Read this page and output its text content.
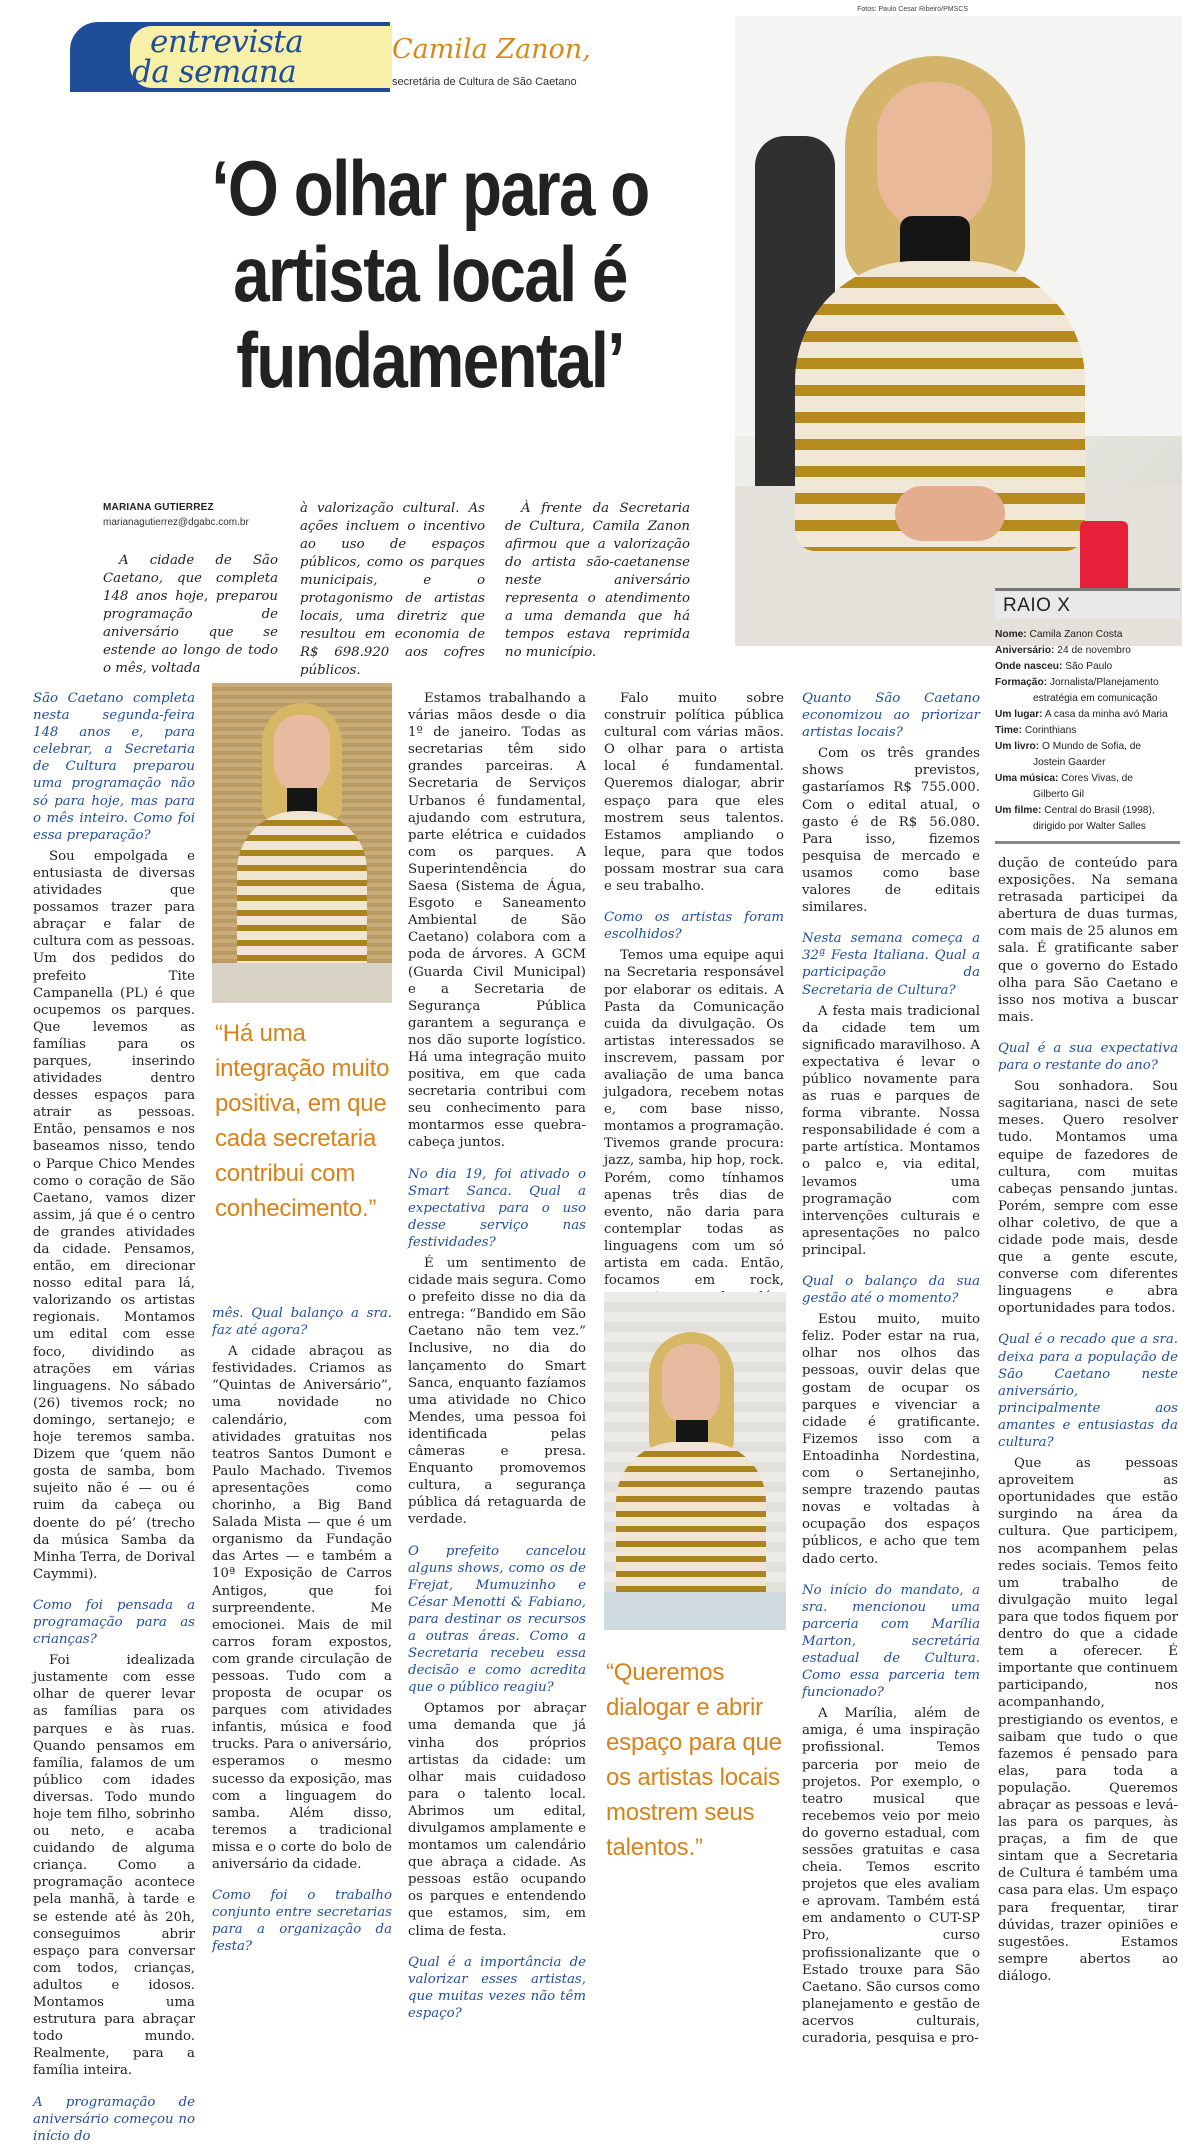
Fotos: Paulo Cesar Ribeiro/PMSCS
entrevista
da semana
Camila Zanon,
secretária de Cultura de São Caetano
‘O olhar para o artista local é fundamental’
MARIANA GUTIERREZ
marianagutierrez@dgabc.com.br
A cidade de São Caetano, que completa 148 anos hoje, preparou programação de aniversário que se estende ao longo de todo o mês, voltada
à valorização cultural. As ações incluem o incentivo ao uso de espaços públicos, como os parques municipais, e o protagonismo de artistas locais, uma diretriz que resultou em economia de R$ 698.920 aos cofres públicos.
À frente da Secretaria de Cultura, Camila Zanon afirmou que a valorização do artista são-caetanense neste aniversário representa o atendimento a uma demanda que há tempos estava reprimida no município.
RAIO X
Nome: Camila Zanon Costa
Aniversário: 24 de novembro
Onde nasceu: São Paulo
Formação: Jornalista/Planejamento
estratégia em comunicação
Um lugar: A casa da minha avó Maria
Time: Corinthians
Um livro: O Mundo de Sofia, de
Jostein Gaarder
Uma música: Cores Vivas, de
Gilberto Gil
Um filme: Central do Brasil (1998),
dirigido por Walter Salles

São Caetano completa nesta segunda-feira 148 anos e, para celebrar, a Secretaria de Cultura preparou uma programação não só para hoje, mas para o mês inteiro. Como foi essa preparação?

Sou empolgada e entusiasta de diversas atividades que possamos trazer para abraçar e falar de cultura com as pessoas. Um dos pedidos do prefeito Tite Campanella (PL) é que ocupemos os parques. Que levemos as famílias para os parques, inserindo atividades dentro desses espaços para atrair as pessoas. Então, pensamos e nos baseamos nisso, tendo o Parque Chico Mendes como o coração de São Caetano, vamos dizer assim, já que é o centro de grandes atividades da cidade. Pensamos, então, em direcionar nosso edital para lá, valorizando os artistas regionais. Montamos um edital com esse foco, dividindo as atrações em várias linguagens. No sábado (26) tivemos rock; no domingo, sertanejo; e hoje teremos samba. Dizem que ‘quem não gosta de samba, bom sujeito não é — ou é ruim da cabeça ou doente do pé’ (trecho da música Samba da Minha Terra, de Dorival Caymmi).

Como foi pensada a programação para as crianças?

Foi idealizada justamente com esse olhar de querer levar as famílias para os parques e às ruas. Quando pensamos em família, falamos de um público com idades diversas. Todo mundo hoje tem filho, sobrinho ou neto, e acaba cuidando de alguma criança. Como a programação acontece pela manhã, à tarde e se estende até às 20h, conseguimos abrir espaço para conversar com todos, crianças, adultos e idosos. Montamos uma estrutura para abraçar todo mundo. Realmente, para a família inteira.

A programação de aniversário começou no início do

“Há uma integração muito positiva, em que cada secretaria contribui com conhecimento.”

mês. Qual balanço a sra. faz até agora?

A cidade abraçou as festividades. Criamos as “Quintas de Aniversário”, uma novidade no calendário, com atividades gratuitas nos teatros Santos Dumont e Paulo Machado. Tivemos apresentações como chorinho, a Big Band Salada Mista — que é um organismo da Fundação das Artes — e também a 10ª Exposição de Carros Antigos, que foi surpreendente. Me emocionei. Mais de mil carros foram expostos, com grande circulação de pessoas. Tudo com a proposta de ocupar os parques com atividades infantis, música e food trucks. Para o aniversário, esperamos o mesmo sucesso da exposição, mas com a linguagem do samba. Além disso, teremos a tradicional missa e o corte do bolo de aniversário da cidade.

Como foi o trabalho conjunto entre secretarias para a organização da festa?

Estamos trabalhando a várias mãos desde o dia 1º de janeiro. Todas as secretarias têm sido grandes parceiras. A Secretaria de Serviços Urbanos é fundamental, ajudando com estrutura, parte elétrica e cuidados com os parques. A Superintendência do Saesa (Sistema de Água, Esgoto e Saneamento Ambiental de São Caetano) colabora com a poda de árvores. A GCM (Guarda Civil Municipal) e a Secretaria de Segurança Pública garantem a segurança e nos dão suporte logístico. Há uma integração muito positiva, em que cada secretaria contribui com seu conhecimento para montarmos esse quebra-cabeça juntos.

No dia 19, foi ativado o Smart Sanca. Qual a expectativa para o uso desse serviço nas festividades?

É um sentimento de cidade mais segura. Como o prefeito disse no dia da entrega: “Bandido em São Caetano não tem vez.” Inclusive, no dia do lançamento do Smart Sanca, enquanto fazíamos uma atividade no Chico Mendes, uma pessoa foi identificada pelas câmeras e presa. Enquanto promovemos cultura, a segurança pública dá retaguarda de verdade.

O prefeito cancelou alguns shows, como os de Frejat, Mumuzinho e César Menotti & Fabiano, para destinar os recursos a outras áreas. Como a Secretaria recebeu essa decisão e como acredita que o público reagiu?

Optamos por abraçar uma demanda que já vinha dos próprios artistas da cidade: um olhar mais cuidadoso para o talento local. Abrimos um edital, divulgamos amplamente e montamos um calendário que abraça a cidade. As pessoas estão ocupando os parques e entendendo que estamos, sim, em clima de festa.

Qual é a importância de valorizar esses artistas, que muitas vezes não têm espaço?

Falo muito sobre construir política pública cultural com várias mãos. O olhar para o artista local é fundamental. Queremos dialogar, abrir espaço para que eles mostrem seus talentos. Estamos ampliando o leque, para que todos possam mostrar sua cara e seu trabalho.

Como os artistas foram escolhidos?

Temos uma equipe aqui na Secretaria responsável por elaborar os editais. A Pasta da Comunicação cuida da divulgação. Os artistas interessados se inscrevem, passam por avaliação de uma banca julgadora, recebem notas e, com base nisso, montamos a programação. Tivemos grande procura: jazz, samba, hip hop, rock. Porém, como tínhamos apenas três dias de evento, não daria para contemplar todas as linguagens com um só artista em cada. Então, focamos em rock,

“Queremos dialogar e abrir espaço para que os artistas locais mostrem seus talentos.”

Quanto São Caetano economizou ao priorizar artistas locais?

Com os três grandes shows previstos, gastaríamos R$ 755.000. Com o edital atual, o gasto é de R$ 56.080. Para isso, fizemos pesquisa de mercado e usamos como base valores de editais similares.

Nesta semana começa a 32ª Festa Italiana. Qual a participação da Secretaria de Cultura?

A festa mais tradicional da cidade tem um significado maravilhoso. A expectativa é levar o público novamente para as ruas e parques de forma vibrante. Nossa responsabilidade é com a parte artística. Montamos o palco e, via edital, levamos uma programação com intervenções culturais e apresentações no palco principal.

Qual o balanço da sua gestão até o momento?

Estou muito, muito feliz. Poder estar na rua, olhar nos olhos das pessoas, ouvir delas que gostam de ocupar os parques e vivenciar a cidade é gratificante. Fizemos isso com a Entoadinha Nordestina, com o Sertanejinho, sempre trazendo pautas novas e voltadas à ocupação dos espaços públicos, e acho que tem dado certo.

No início do mandato, a sra. mencionou uma parceria com Marília Marton, secretária estadual de Cultura. Como essa parceria tem funcionado?

A Marília, além de amiga, é uma inspiração profissional. Temos parceria por meio de projetos. Por exemplo, o teatro musical que recebemos veio por meio do governo estadual, com sessões gratuitas e casa cheia. Temos escrito projetos que eles avaliam e aprovam. Também está em andamento o CUT-SP Pro, curso profissionalizante que o Estado trouxe para São Caetano. São cursos como planejamento e gestão de acervos culturais, curadoria, pesquisa e pro-

dução de conteúdo para exposições. Na semana retrasada participei da abertura de duas turmas, com mais de 25 alunos em sala. É gratificante saber que o governo do Estado olha para São Caetano e isso nos motiva a buscar mais.

Qual é a sua expectativa para o restante do ano?

Sou sonhadora. Sou sagitariana, nasci de sete meses. Quero resolver tudo. Montamos uma equipe de fazedores de cultura, com muitas cabeças pensando juntas. Porém, sempre com esse olhar coletivo, de que a cidade pode mais, desde que a gente escute, converse com diferentes linguagens e abra oportunidades para todos.

Qual é o recado que a sra. deixa para a população de São Caetano neste aniversário, principalmente aos amantes e entusiastas da cultura?

Que as pessoas aproveitem as oportunidades que estão surgindo na área da cultura. Que participem, nos acompanhem pelas redes sociais. Temos feito um trabalho de divulgação muito legal para que todos fiquem por dentro do que a cidade tem a oferecer. É importante que continuem participando, nos acompanhando, prestigiando os eventos, e saibam que tudo o que fazemos é pensado para elas, para toda a população. Queremos abraçar as pessoas e levá-las para os parques, às praças, a fim de que sintam que a Secretaria de Cultura é também uma casa para elas. Um espaço para frequentar, tirar dúvidas, trazer opiniões e sugestões. Estamos sempre abertos ao diálogo.
